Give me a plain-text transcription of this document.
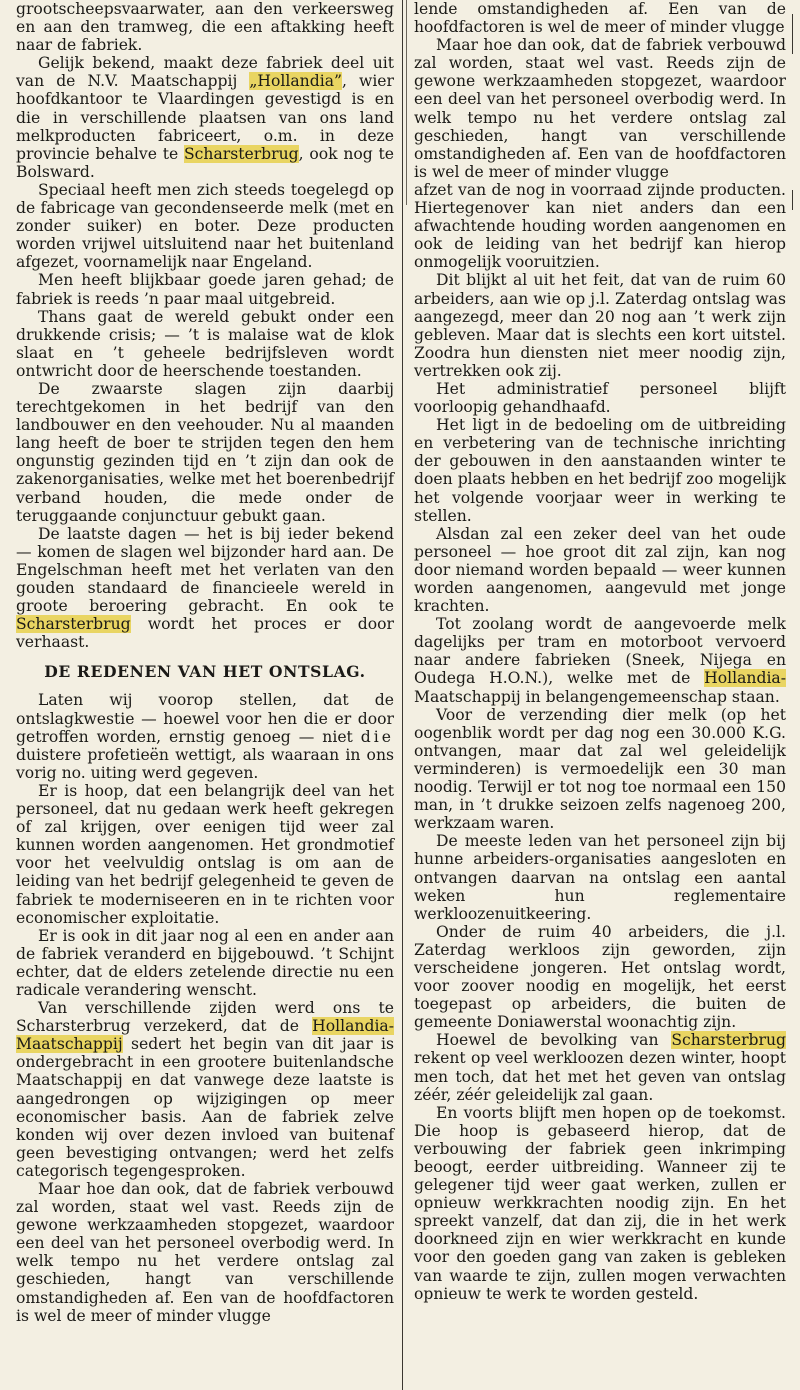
grootscheepsvaarwater, aan den verkeersweg en aan den tramweg, die een aftakking heeft naar de fabriek.

Gelijk bekend, maakt deze fabriek deel uit van de N.V. Maatschappij „Hollandia”, wier hoofdkantoor te Vlaardingen gevestigd is en die in verschillende plaatsen van ons land melkproducten fabriceert, o.m. in deze provincie behalve te Scharsterbrug, ook nog te Bolsward.

Speciaal heeft men zich steeds toegelegd op de fabricage van gecondenseerde melk (met en zonder suiker) en boter. Deze producten worden vrijwel uitsluitend naar het buitenland afgezet, voornamelijk naar Engeland.

Men heeft blijkbaar goede jaren gehad; de fabriek is reeds ’n paar maal uitgebreid.

Thans gaat de wereld gebukt onder een drukkende crisis; — ’t is malaise wat de klok slaat en ’t geheele bedrijfsleven wordt ontwricht door de heerschende toestanden.

De zwaarste slagen zijn daarbij terechtgekomen in het bedrijf van den landbouwer en den veehouder. Nu al maanden lang heeft de boer te strijden tegen den hem ongunstig gezinden tijd en ’t zijn dan ook de zakenorganisaties, welke met het boerenbedrijf verband houden, die mede onder de teruggaande conjunctuur gebukt gaan.

De laatste dagen — het is bij ieder bekend — komen de slagen wel bijzonder hard aan. De Engelschman heeft met het verlaten van den gouden standaard de financieele wereld in groote beroering gebracht. En ook te Scharsterbrug wordt het proces er door verhaast.

DE REDENEN VAN HET ONTSLAG.

Laten wij voorop stellen, dat de ontslagkwestie — hoewel voor hen die er door getroffen worden, ernstig genoeg — niet die duistere profetieën wettigt, als waaraan in ons vorig no. uiting werd gegeven.

Er is hoop, dat een belangrijk deel van het personeel, dat nu gedaan werk heeft gekregen of zal krijgen, over eenigen tijd weer zal kunnen worden aangenomen. Het grondmotief voor het veelvuldig ontslag is om aan de leiding van het bedrijf gelegenheid te geven de fabriek te moderniseeren en in te richten voor economischer exploitatie.

Er is ook in dit jaar nog al een en ander aan de fabriek veranderd en bijgebouwd. ’t Schijnt echter, dat de elders zetelende directie nu een radicale verandering wenscht.

Van verschillende zijden werd ons te Scharsterbrug verzekerd, dat de Hollandia-Maatschappij sedert het begin van dit jaar is ondergebracht in een grootere buitenlandsche Maatschappij en dat vanwege deze laatste is aangedrongen op wijzigingen op meer economischer basis. Aan de fabriek zelve konden wij over dezen invloed van buitenaf geen bevestiging ontvangen; werd het zelfs categorisch tegengesproken.

Maar hoe dan ook, dat de fabriek verbouwd zal worden, staat wel vast. Reeds zijn de gewone werkzaamheden stopgezet, waardoor een deel van het personeel overbodig werd. In welk tempo nu het verdere ontslag zal geschieden, hangt van verschillende omstandigheden af. Een van de hoofdfactoren is wel de meer of minder vlugge

lende omstandigheden af. Een van de hoofdfactoren is wel de meer of minder vlugge

Maar hoe dan ook, dat de fabriek verbouwd zal worden, staat wel vast. Reeds zijn de gewone werkzaamheden stopgezet, waardoor een deel van het personeel overbodig werd. In welk tempo nu het verdere ontslag zal geschieden, hangt van verschillende omstandigheden af. Een van de hoofdfactoren is wel de meer of minder vlugge

afzet van de nog in voorraad zijnde producten. Hiertegenover kan niet anders dan een afwachtende houding worden aangenomen en ook de leiding van het bedrijf kan hierop onmogelijk vooruitzien.

Dit blijkt al uit het feit, dat van de ruim 60 arbeiders, aan wie op j.l. Zaterdag ontslag was aangezegd, meer dan 20 nog aan ’t werk zijn gebleven. Maar dat is slechts een kort uitstel. Zoodra hun diensten niet meer noodig zijn, vertrekken ook zij.

Het administratief personeel blijft voorloopig gehandhaafd.

Het ligt in de bedoeling om de uitbreiding en verbetering van de technische inrichting der gebouwen in den aanstaanden winter te doen plaats hebben en het bedrijf zoo mogelijk het volgende voorjaar weer in werking te stellen.

Alsdan zal een zeker deel van het oude personeel — hoe groot dit zal zijn, kan nog door niemand worden bepaald — weer kunnen worden aangenomen, aangevuld met jonge krachten.

Tot zoolang wordt de aangevoerde melk dagelijks per tram en motorboot vervoerd naar andere fabrieken (Sneek, Nijega en Oudega H.O.N.), welke met de Hollandia-Maatschappij in belangengemeenschap staan.

Voor de verzending dier melk (op het oogenblik wordt per dag nog een 30.000 K.G. ontvangen, maar dat zal wel geleidelijk verminderen) is vermoedelijk een 30 man noodig. Terwijl er tot nog toe normaal een 150 man, in ’t drukke seizoen zelfs nagenoeg 200, werkzaam waren.

De meeste leden van het personeel zijn bij hunne arbeiders-organisaties aangesloten en ontvangen daarvan na ontslag een aantal weken hun reglementaire werkloozenuitkeering.

Onder de ruim 40 arbeiders, die j.l. Zaterdag werkloos zijn geworden, zijn verscheidene jongeren. Het ontslag wordt, voor zoover noodig en mogelijk, het eerst toegepast op arbeiders, die buiten de gemeente Doniawerstal woonachtig zijn.

Hoewel de bevolking van Scharsterbrug rekent op veel werkloozen dezen winter, hoopt men toch, dat het met het geven van ontslag zéér, zéér geleidelijk zal gaan.

En voorts blijft men hopen op de toekomst. Die hoop is gebaseerd hierop, dat de verbouwing der fabriek geen inkrimping beoogt, eerder uitbreiding. Wanneer zij te gelegener tijd weer gaat werken, zullen er opnieuw werkkrachten noodig zijn. En het spreekt vanzelf, dat dan zij, die in het werk doorkneed zijn en wier werkkracht en kunde voor den goeden gang van zaken is gebleken van waarde te zijn, zullen mogen verwachten opnieuw te werk te worden gesteld.
